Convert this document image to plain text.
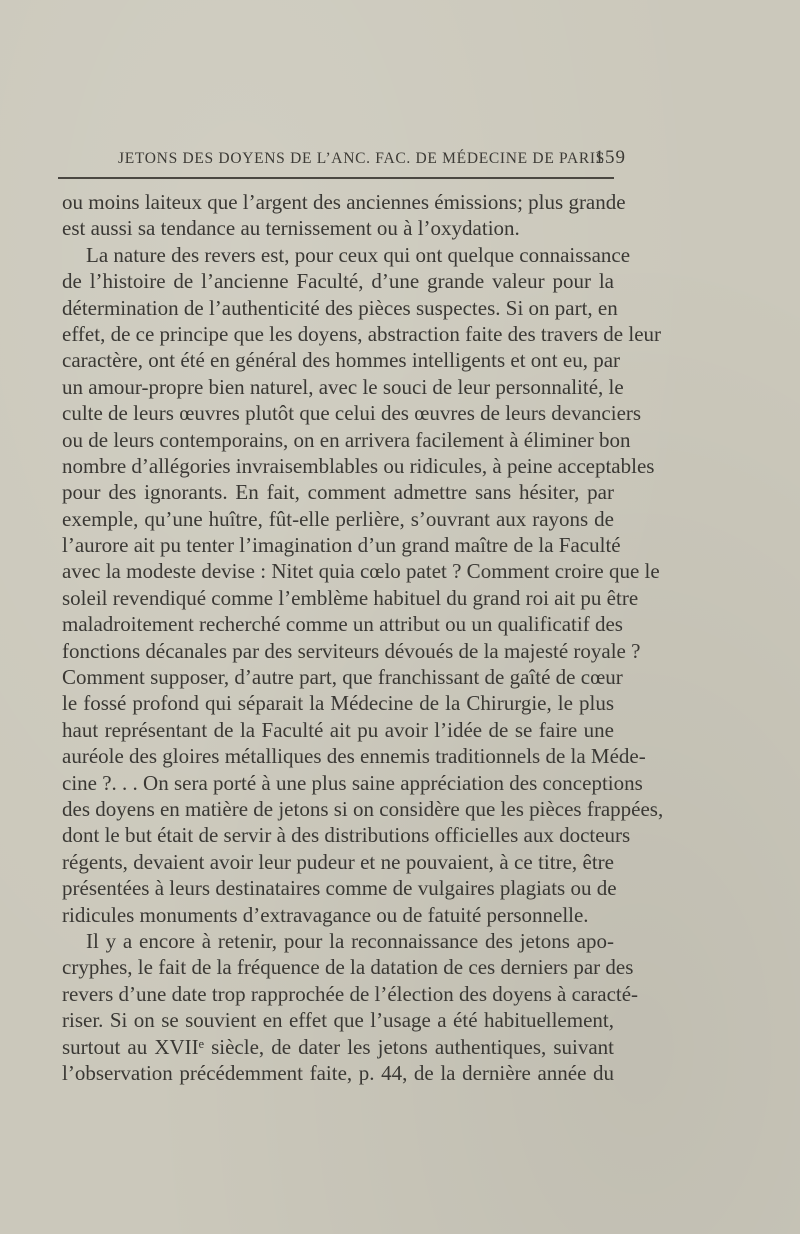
JETONS DES DOYENS DE L’ANC. FAC. DE MÉDECINE DE PARIS
159
ou moins laiteux que l’argent des anciennes émissions; plus grande
est aussi sa tendance au ternissement ou à l’oxydation.
La nature des revers est, pour ceux qui ont quelque connaissance
de l’histoire de l’ancienne Faculté, d’une grande valeur pour la
détermination de l’authenticité des pièces suspectes. Si on part, en
effet, de ce principe que les doyens, abstraction faite des travers de leur
caractère, ont été en général des hommes intelligents et ont eu, par
un amour-propre bien naturel, avec le souci de leur personnalité, le
culte de leurs œuvres plutôt que celui des œuvres de leurs devanciers
ou de leurs contemporains, on en arrivera facilement à éliminer bon
nombre d’allégories invraisemblables ou ridicules, à peine acceptables
pour des ignorants. En fait, comment admettre sans hésiter, par
exemple, qu’une huître, fût-elle perlière, s’ouvrant aux rayons de
l’aurore ait pu tenter l’imagination d’un grand maître de la Faculté
avec la modeste devise : Nitet quia cœlo patet ? Comment croire que le
soleil revendiqué comme l’emblème habituel du grand roi ait pu être
maladroitement recherché comme un attribut ou un qualificatif des
fonctions décanales par des serviteurs dévoués de la majesté royale ?
Comment supposer, d’autre part, que franchissant de gaîté de cœur
le fossé profond qui séparait la Médecine de la Chirurgie, le plus
haut représentant de la Faculté ait pu avoir l’idée de se faire une
auréole des gloires métalliques des ennemis traditionnels de la Méde-
cine ?. . . On sera porté à une plus saine appréciation des conceptions
des doyens en matière de jetons si on considère que les pièces frappées,
dont le but était de servir à des distributions officielles aux docteurs
régents, devaient avoir leur pudeur et ne pouvaient, à ce titre, être
présentées à leurs destinataires comme de vulgaires plagiats ou de
ridicules monuments d’extravagance ou de fatuité personnelle.
Il y a encore à retenir, pour la reconnaissance des jetons apo-
cryphes, le fait de la fréquence de la datation de ces derniers par des
revers d’une date trop rapprochée de l’élection des doyens à caracté-
riser. Si on se souvient en effet que l’usage a été habituellement,
surtout au XVIIᵉ siècle, de dater les jetons authentiques, suivant
l’observation précédemment faite, p. 44, de la dernière année du
